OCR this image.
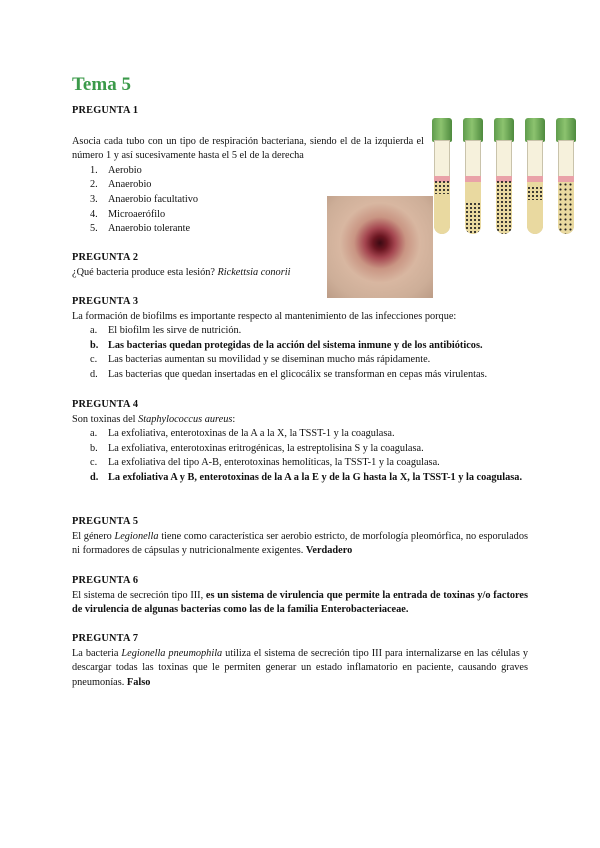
Tema 5
PREGUNTA 1
Asocia cada tubo con un tipo de respiración bacteriana, siendo el de la izquierda el número 1 y así sucesivamente hasta el 5 el de la derecha
1. Aerobio
2. Anaerobio
3. Anaerobio facultativo
4. Microaerófilo
5. Anaerobio tolerante
PREGUNTA 2
¿Qué bacteria produce esta lesión? Rickettsia conorii
PREGUNTA 3
La formación de biofilms es importante respecto al mantenimiento de las infecciones porque:
a. El biofilm les sirve de nutrición.
b. Las bacterias quedan protegidas de la acción del sistema inmune y de los antibióticos.
c. Las bacterias aumentan su movilidad y se diseminan mucho más rápidamente.
d. Las bacterias que quedan insertadas en el glicocálix se transforman en cepas más virulentas.
PREGUNTA 4
Son toxinas del Staphylococcus aureus:
a. La exfoliativa, enterotoxinas de la A a la X, la TSST-1 y la coagulasa.
b. La exfoliativa, enterotoxinas eritrogénicas, la estreptolisina S y la coagulasa.
c. La exfoliativa del tipo A-B, enterotoxinas hemolíticas, la TSST-1 y la coagulasa.
d. La exfoliativa A y B, enterotoxinas de la A a la E y de la G hasta la X, la TSST-1 y la coagulasa.
PREGUNTA 5
El género Legionella tiene como característica ser aerobio estricto, de morfología pleomórfica, no esporulados ni formadores de cápsulas y nutricionalmente exigentes. Verdadero
PREGUNTA 6
El sistema de secreción tipo III, es un sistema de virulencia que permite la entrada de toxinas y/o factores de virulencia de algunas bacterias como las de la familia Enterobacteriaceae.
PREGUNTA 7
La bacteria Legionella pneumophila utiliza el sistema de secreción tipo III para internalizarse en las células y descargar todas las toxinas que le permiten generar un estado inflamatorio en paciente, causando graves pneumonías. Falso
